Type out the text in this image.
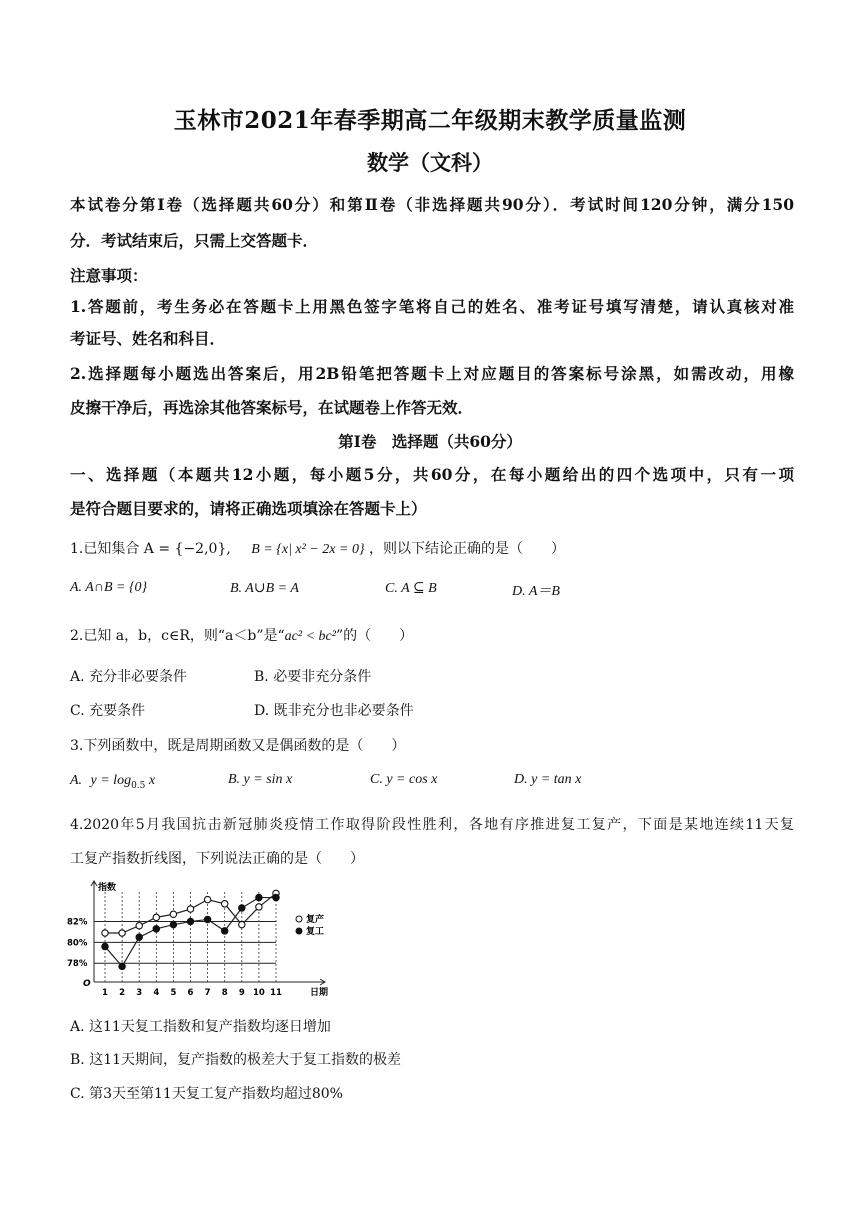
玉林市2021年春季期高二年级期末教学质量监测
数学（文科）
本试卷分第Ⅰ卷（选择题共60分）和第Ⅱ卷（非选择题共90分）．考试时间120分钟，满分150
分．考试结束后，只需上交答题卡．
注意事项：
1.答题前，考生务必在答题卡上用黑色签字笔将自己的姓名、准考证号填写清楚，请认真核对准
考证号、姓名和科目．
2.选择题每小题选出答案后，用2B铅笔把答题卡上对应题目的答案标号涂黑，如需改动，用橡
皮擦干净后，再选涂其他答案标号，在试题卷上作答无效．
第Ⅰ卷　选择题（共60分）
一、选择题（本题共12小题，每小题5分，共60分，在每小题给出的四个选项中，只有一项
是符合题目要求的，请将正确选项填涂在答题卡上）
1.已知集合 A = {−2,0}, B = {x| x² − 2x = 0} ，则以下结论正确的是（　　）
A. A∩B = {0}	B. A∪B = A	C. A ⊆ B	D. A＝B
2.已知 a，b，c∈R，则“a＜b”是“ac² < bc²”的（　　）
A. 充分非必要条件	B. 必要非充分条件
C. 充要条件	D. 既非充分也非必要条件
3.下列函数中，既是周期函数又是偶函数的是（　　）
A. $y = \log_{0.5} x$	B. y = sin x	C. y = cos x	D. y = tan x
4.2020年5月我国抗击新冠肺炎疫情工作取得阶段性胜利，各地有序推进复工复产，下面是某地连续11天复
工复产指数折线图，下列说法正确的是（　　）
指数
日期
O
82%
80%
78%
1 2 3 4 5 6 7 8 9 10 11
复产
复工
A. 这11天复工指数和复产指数均逐日增加
B. 这11天期间，复产指数的极差大于复工指数的极差
C. 第3天至第11天复工复产指数均超过80%
